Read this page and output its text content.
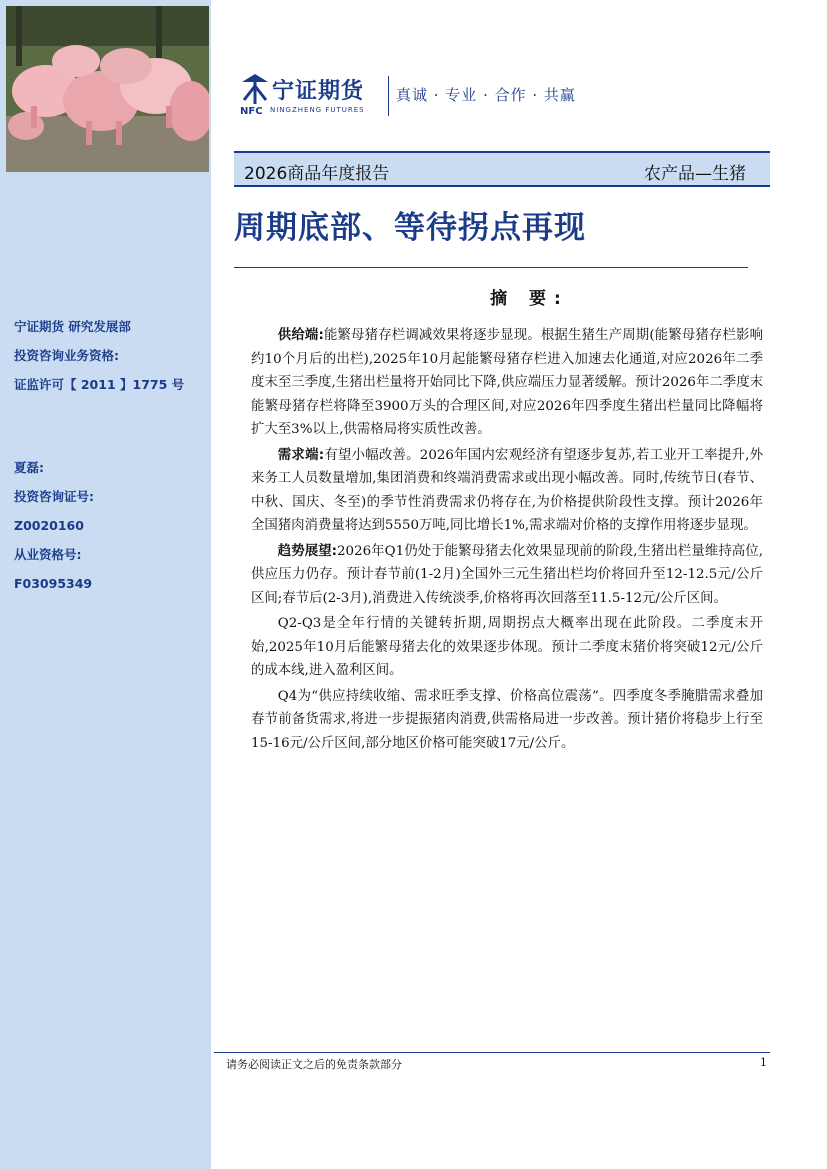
宁证期货 研究发展部
投资咨询业务资格:
证监许可【 2011 】1775 号
夏磊:
投资咨询证号:
Z0020160
从业资格号:
F03095349
宁证期货
NFC NINGZHENG FUTURES
真诚 · 专业 · 合作 · 共赢
2026商品年度报告	农产品—生猪
周期底部、等待拐点再现
摘 要:

供给端:能繁母猪存栏调减效果将逐步显现。根据生猪生产周期(能繁母猪存栏影响约10个月后的出栏),2025年10月起能繁母猪存栏进入加速去化通道,对应2026年二季度末至三季度,生猪出栏量将开始同比下降,供应端压力显著缓解。预计2026年二季度末能繁母猪存栏将降至3900万头的合理区间,对应2026年四季度生猪出栏量同比降幅将扩大至3%以上,供需格局将实质性改善。

需求端:有望小幅改善。2026年国内宏观经济有望逐步复苏,若工业开工率提升,外来务工人员数量增加,集团消费和终端消费需求或出现小幅改善。同时,传统节日(春节、中秋、国庆、冬至)的季节性消费需求仍将存在,为价格提供阶段性支撑。预计2026年全国猪肉消费量将达到5550万吨,同比增长1%,需求端对价格的支撑作用将逐步显现。

趋势展望:2026年Q1仍处于能繁母猪去化效果显现前的阶段,生猪出栏量维持高位,供应压力仍存。预计春节前(1-2月)全国外三元生猪出栏均价将回升至12-12.5元/公斤区间;春节后(2-3月),消费进入传统淡季,价格将再次回落至11.5-12元/公斤区间。

Q2-Q3是全年行情的关键转折期,周期拐点大概率出现在此阶段。二季度末开始,2025年10月后能繁母猪去化的效果逐步体现。预计二季度末猪价将突破12元/公斤的成本线,进入盈利区间。

Q4为“供应持续收缩、需求旺季支撑、价格高位震荡”。四季度冬季腌腊需求叠加春节前备货需求,将进一步提振猪肉消费,供需格局进一步改善。预计猪价将稳步上行至15-16元/公斤区间,部分地区价格可能突破17元/公斤。

请务必阅读正文之后的免责条款部分	1
